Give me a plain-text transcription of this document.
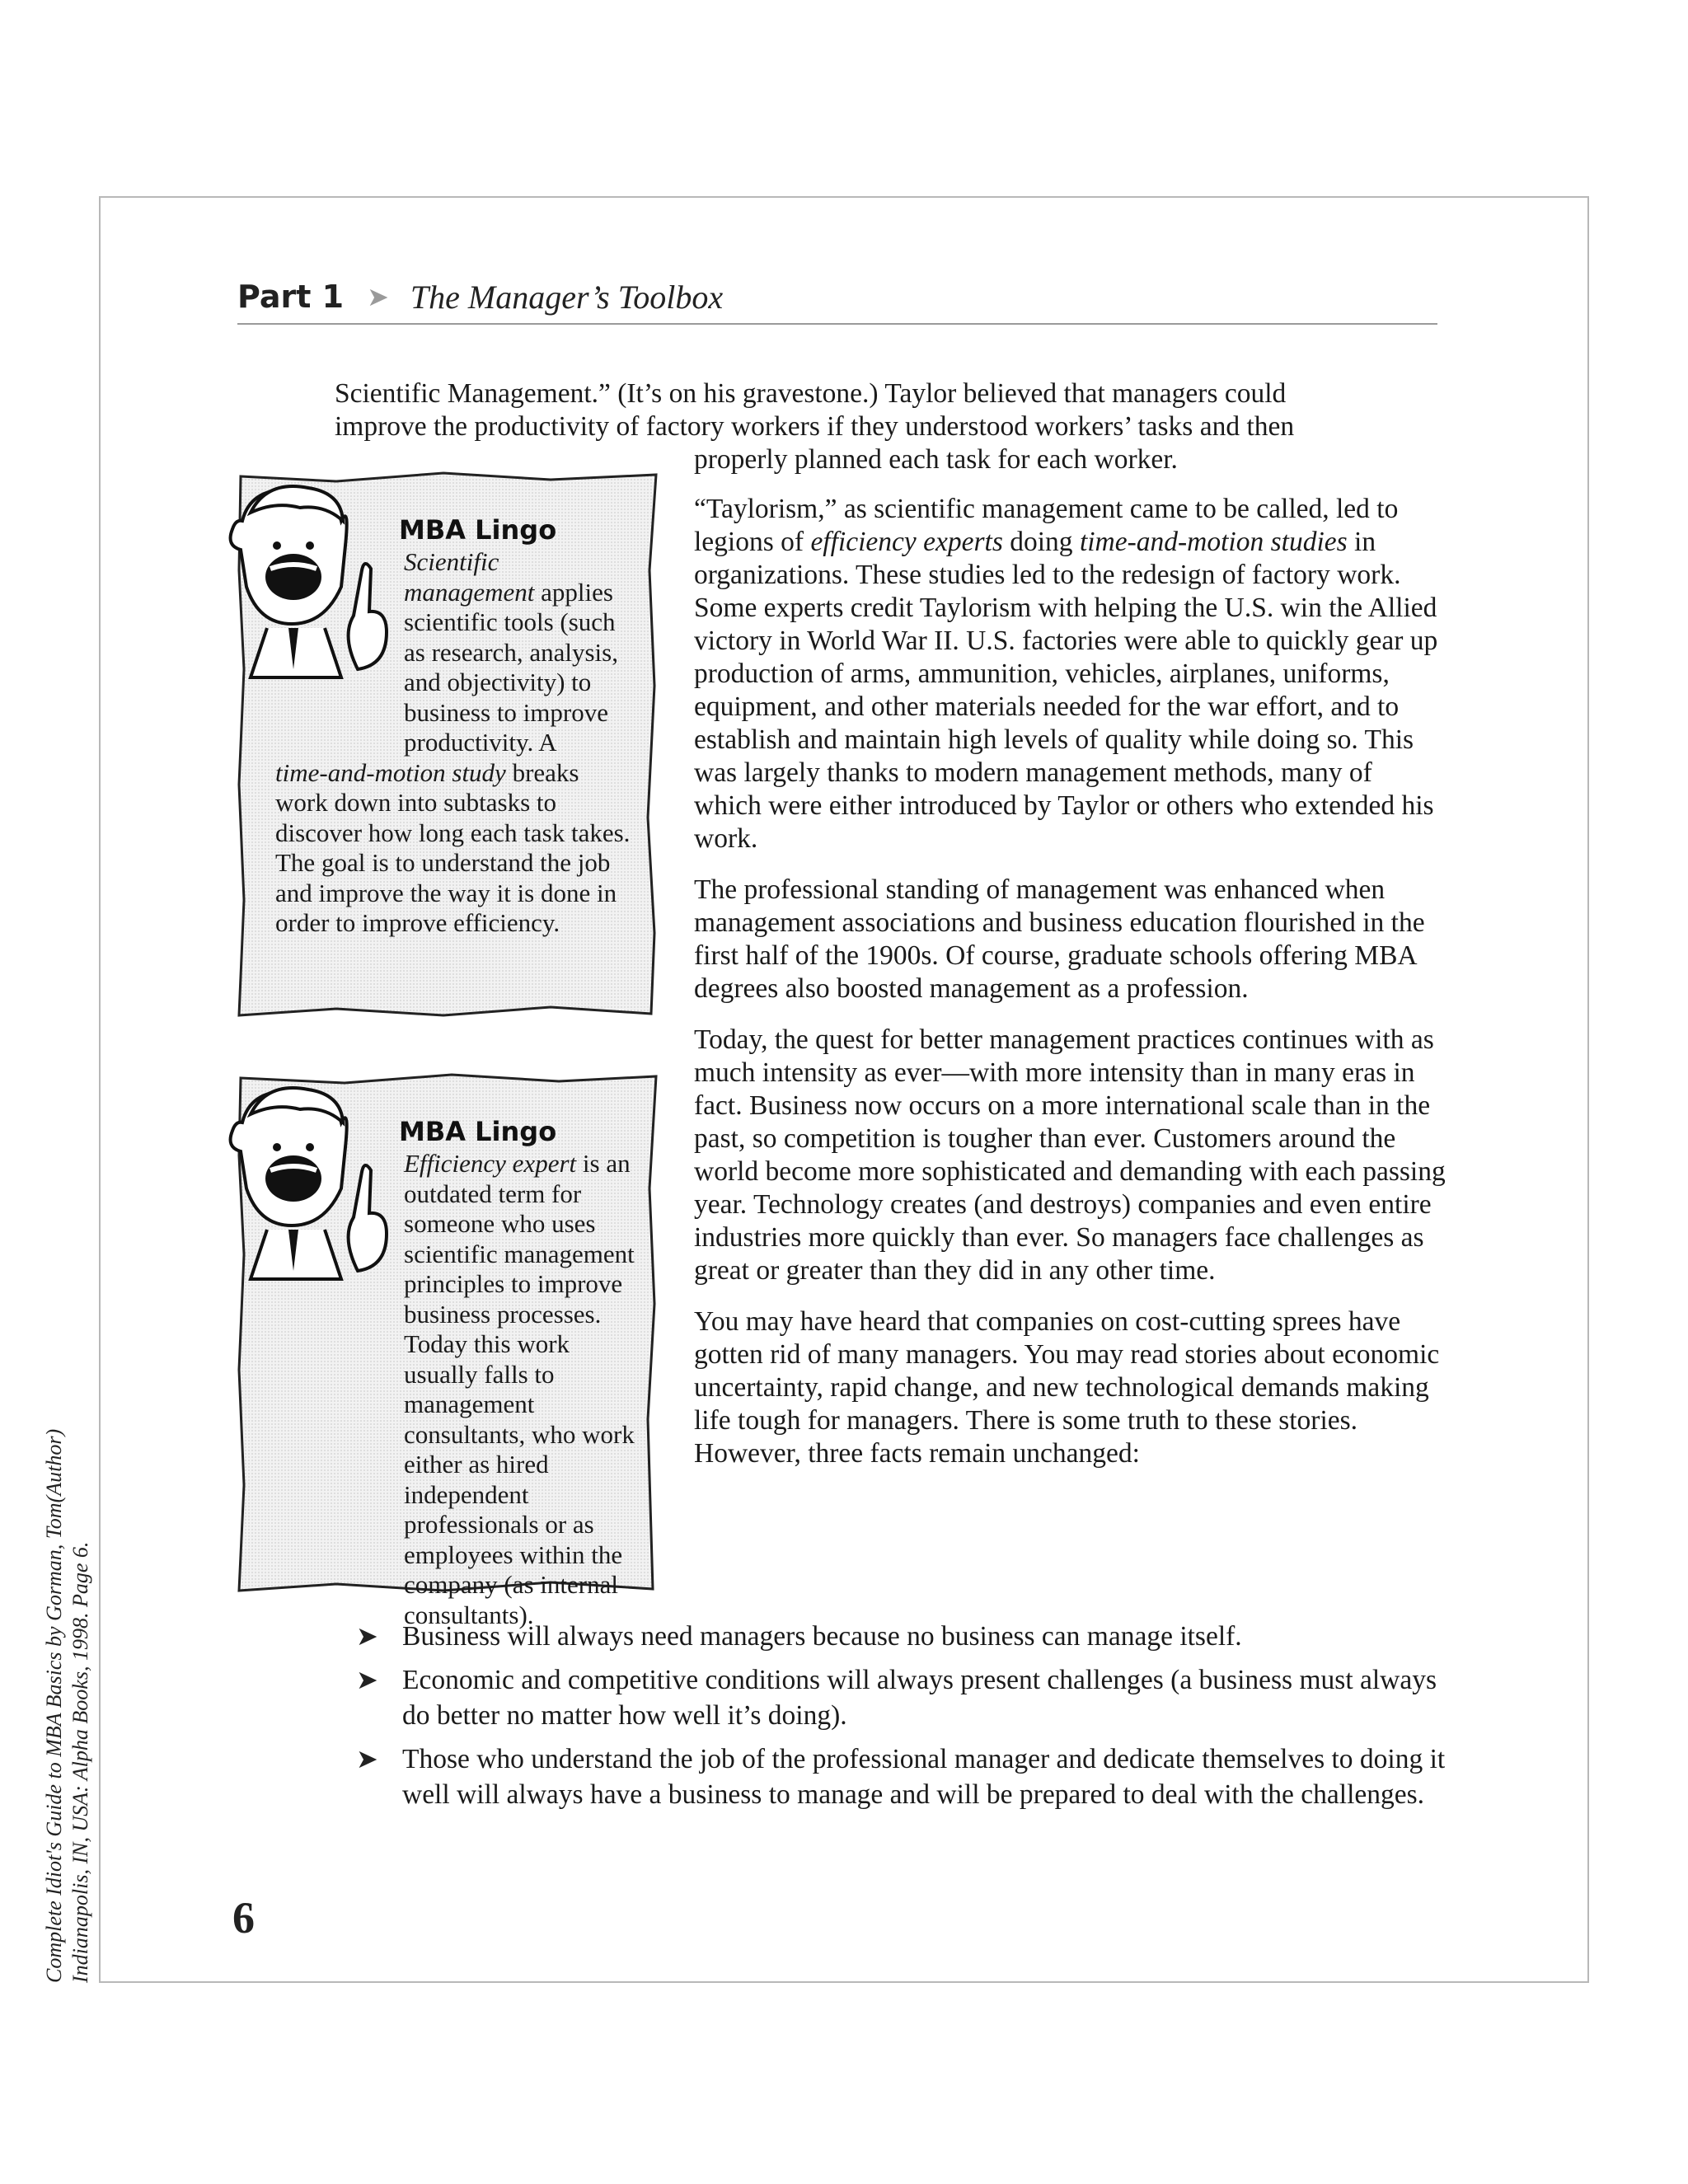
Part 1 ➤ The Manager’s Toolbox

Scientific Management.” (It’s on his gravestone.) Taylor believed that managers could

improve the productivity of factory workers if they understood workers’ tasks and then

properly planned each task for each worker.

MBA Lingo
Scientific management applies scientific tools (such as research, analysis, and objectivity) to business to improve productivity. A
time-and-motion study breaks work down into subtasks to discover how long each task takes. The goal is to understand the job and improve the way it is done in order to improve efficiency.
MBA Lingo
Efficiency expert is an outdated term for someone who uses scientific management principles to improve business processes. Today this work usually falls to management consultants, who work either as hired independent professionals or as employees within the company (as internal consultants).

“Taylorism,” as scientific management came to be called, led to legions of efficiency experts doing time-and-motion studies in organizations. These studies led to the redesign of factory work. Some experts credit Taylorism with helping the U.S. win the Allied victory in World War II. U.S. factories were able to quickly gear up production of arms, ammunition, vehicles, airplanes, uniforms, equipment, and other materials needed for the war effort, and to establish and maintain high levels of quality while doing so. This was largely thanks to modern management methods, many of which were either introduced by Taylor or others who extended his work.

The professional standing of management was enhanced when management associations and business education flourished in the first half of the 1900s. Of course, graduate schools offering MBA degrees also boosted management as a profession.

Today, the quest for better management practices continues with as much intensity as ever—with more intensity than in many eras in fact. Business now occurs on a more international scale than in the past, so competition is tougher than ever. Customers around the world become more sophisticated and demanding with each passing year. Technology creates (and destroys) companies and even entire industries more quickly than ever. So managers face challenges as great or greater than they did in any other time.

You may have heard that companies on cost-cutting sprees have gotten rid of many managers. You may read stories about economic uncertainty, rapid change, and new technological demands making life tough for managers. There is some truth to these stories. However, three facts remain unchanged:

➤ Business will always need managers because no business can manage itself.
➤ Economic and competitive conditions will always present challenges (a business must always do better no matter how well it’s doing).
➤ Those who understand the job of the professional manager and dedicate themselves to doing it well will always have a business to manage and will be prepared to deal with the challenges.
6
Complete Idiot's Guide to MBA Basics by Gorman, Tom(Author) Indianapolis, IN, USA: Alpha Books, 1998. Page 6.
